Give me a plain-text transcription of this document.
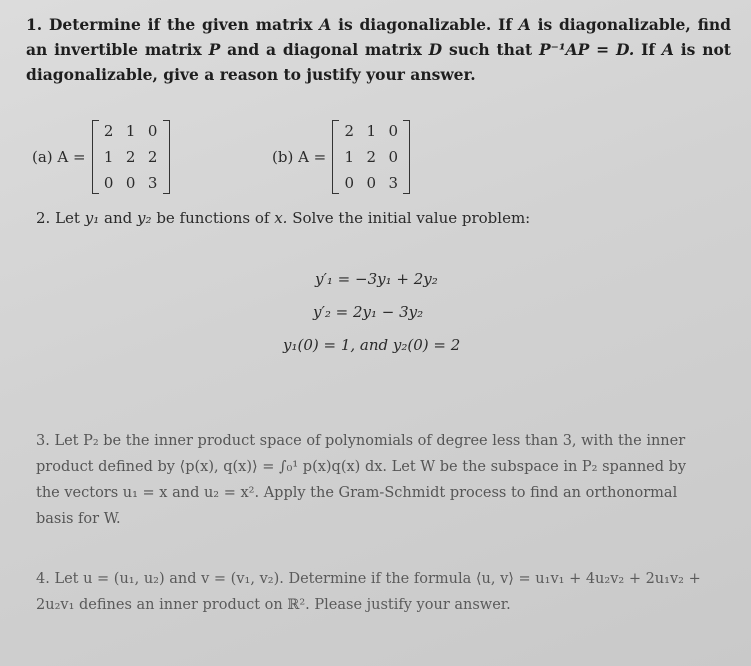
1. Determine if the given matrix A is diagonalizable. If A is diagonalizable, find an invertible matrix P and a diagonal matrix D such that P⁻¹AP = D. If A is not diagonalizable, give a reason to justify your answer.
(a) A =
2 1 0
1 2 2
0 0 3
(b) A =
2 1 0
1 2 0
0 0 3
2. Let y₁ and y₂ be functions of x. Solve the initial value problem:
y′₁ = −3y₁ + 2y₂
y′₂ = 2y₁ − 3y₂
y₁(0) = 1, and y₂(0) = 2
3. Let P₂ be the inner product space of polynomials of degree less than 3, with the inner
product defined by ⟨p(x), q(x)⟩ = ∫₀¹ p(x)q(x) dx. Let W be the subspace in P₂ spanned by
the vectors u₁ = x and u₂ = x². Apply the Gram-Schmidt process to find an orthonormal
basis for W.
4. Let u = (u₁, u₂) and v = (v₁, v₂). Determine if the formula ⟨u, v⟩ = u₁v₁ + 4u₂v₂ + 2u₁v₂ +
2u₂v₁ defines an inner product on ℝ². Please justify your answer.
